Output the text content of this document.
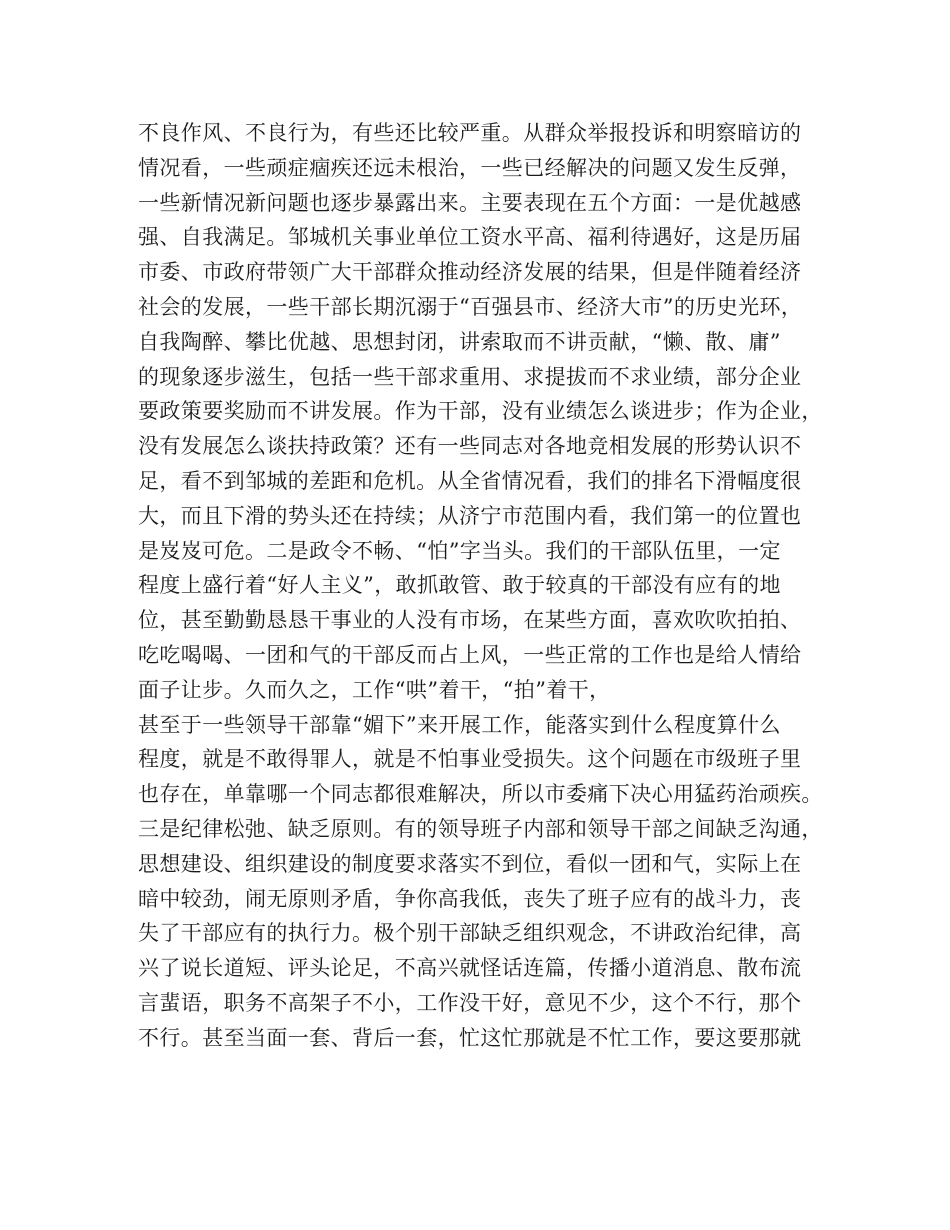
不良作风、不良行为，有些还比较严重。从群众举报投诉和明察暗访的
情况看，一些顽症痼疾还远未根治，一些已经解决的问题又发生反弹，
一些新情况新问题也逐步暴露出来。主要表现在五个方面：一是优越感
强、自我满足。邹城机关事业单位工资水平高、福利待遇好，这是历届
市委、市政府带领广大干部群众推动经济发展的结果，但是伴随着经济
社会的发展，一些干部长期沉溺于“百强县市、经济大市”的历史光环，
自我陶醉、攀比优越、思想封闭，讲索取而不讲贡献，“懒、散、庸”
的现象逐步滋生，包括一些干部求重用、求提拔而不求业绩，部分企业
要政策要奖励而不讲发展。作为干部，没有业绩怎么谈进步；作为企业，
没有发展怎么谈扶持政策？还有一些同志对各地竞相发展的形势认识不
足，看不到邹城的差距和危机。从全省情况看，我们的排名下滑幅度很
大，而且下滑的势头还在持续；从济宁市范围内看，我们第一的位置也
是岌岌可危。二是政令不畅、“怕”字当头。我们的干部队伍里，一定
程度上盛行着“好人主义”，敢抓敢管、敢于较真的干部没有应有的地
位，甚至勤勤恳恳干事业的人没有市场，在某些方面，喜欢吹吹拍拍、
吃吃喝喝、一团和气的干部反而占上风，一些正常的工作也是给人情给
面子让步。久而久之，工作“哄”着干，“拍”着干，
甚至于一些领导干部靠“媚下”来开展工作，能落实到什么程度算什么
程度，就是不敢得罪人，就是不怕事业受损失。这个问题在市级班子里
也存在，单靠哪一个同志都很难解决，所以市委痛下决心用猛药治顽疾。
三是纪律松弛、缺乏原则。有的领导班子内部和领导干部之间缺乏沟通，
思想建设、组织建设的制度要求落实不到位，看似一团和气，实际上在
暗中较劲，闹无原则矛盾，争你高我低，丧失了班子应有的战斗力，丧
失了干部应有的执行力。极个别干部缺乏组织观念，不讲政治纪律，高
兴了说长道短、评头论足，不高兴就怪话连篇，传播小道消息、散布流
言蜚语，职务不高架子不小，工作没干好，意见不少，这个不行，那个
不行。甚至当面一套、背后一套，忙这忙那就是不忙工作，要这要那就
